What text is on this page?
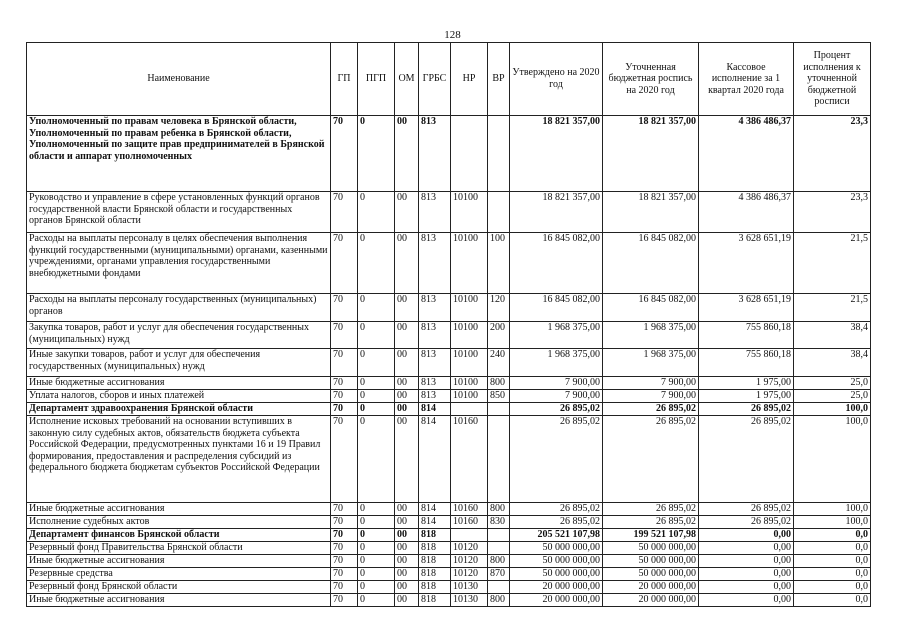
128
Наименование	ГП	ПГП	ОМ	ГРБС	НР	ВР	Утверждено на 2020 год	Уточненная бюджетная роспись на 2020 год	Кассовое исполнение за 1 квартал 2020 года	Процент исполнения к уточненной бюджетной росписи
Уполномоченный по правам человека в Брянской области, Уполномоченный по правам ребенка в Брянской области, Уполномоченный по защите прав предпринимателей в Брянской области и аппарат уполномоченных	70	0	00	813			18 821 357,00	18 821 357,00	4 386 486,37	23,3
Руководство и управление в сфере установленных функций органов государственной власти Брянской области и государственных органов Брянской области	70	0	00	813	10100		18 821 357,00	18 821 357,00	4 386 486,37	23,3
Расходы на выплаты персоналу в целях обеспечения выполнения функций государственными (муниципальными) органами, казенными учреждениями, органами управления государственными внебюджетными фондами	70	0	00	813	10100	100	16 845 082,00	16 845 082,00	3 628 651,19	21,5
Расходы на выплаты персоналу государственных (муниципальных) органов	70	0	00	813	10100	120	16 845 082,00	16 845 082,00	3 628 651,19	21,5
Закупка товаров, работ и услуг для обеспечения государственных (муниципальных) нужд	70	0	00	813	10100	200	1 968 375,00	1 968 375,00	755 860,18	38,4
Иные закупки товаров, работ и услуг для обеспечения государственных (муниципальных) нужд	70	0	00	813	10100	240	1 968 375,00	1 968 375,00	755 860,18	38,4
Иные бюджетные ассигнования	70	0	00	813	10100	800	7 900,00	7 900,00	1 975,00	25,0
Уплата налогов, сборов и иных платежей	70	0	00	813	10100	850	7 900,00	7 900,00	1 975,00	25,0
Департамент здравоохранения Брянской области	70	0	00	814			26 895,02	26 895,02	26 895,02	100,0
Исполнение исковых требований на основании вступивших в законную силу судебных актов, обязательств бюджета субъекта Российской Федерации, предусмотренных пунктами 16 и 19 Правил формирования, предоставления и распределения субсидий из федерального бюджета бюджетам субъектов Российской Федерации	70	0	00	814	10160		26 895,02	26 895,02	26 895,02	100,0
Иные бюджетные ассигнования	70	0	00	814	10160	800	26 895,02	26 895,02	26 895,02	100,0
Исполнение судебных актов	70	0	00	814	10160	830	26 895,02	26 895,02	26 895,02	100,0
Департамент финансов Брянской области	70	0	00	818			205 521 107,98	199 521 107,98	0,00	0,0
Резервный фонд Правительства Брянской области	70	0	00	818	10120		50 000 000,00	50 000 000,00	0,00	0,0
Иные бюджетные ассигнования	70	0	00	818	10120	800	50 000 000,00	50 000 000,00	0,00	0,0
Резервные средства	70	0	00	818	10120	870	50 000 000,00	50 000 000,00	0,00	0,0
Резервный фонд Брянской области	70	0	00	818	10130		20 000 000,00	20 000 000,00	0,00	0,0
Иные бюджетные ассигнования	70	0	00	818	10130	800	20 000 000,00	20 000 000,00	0,00	0,0
